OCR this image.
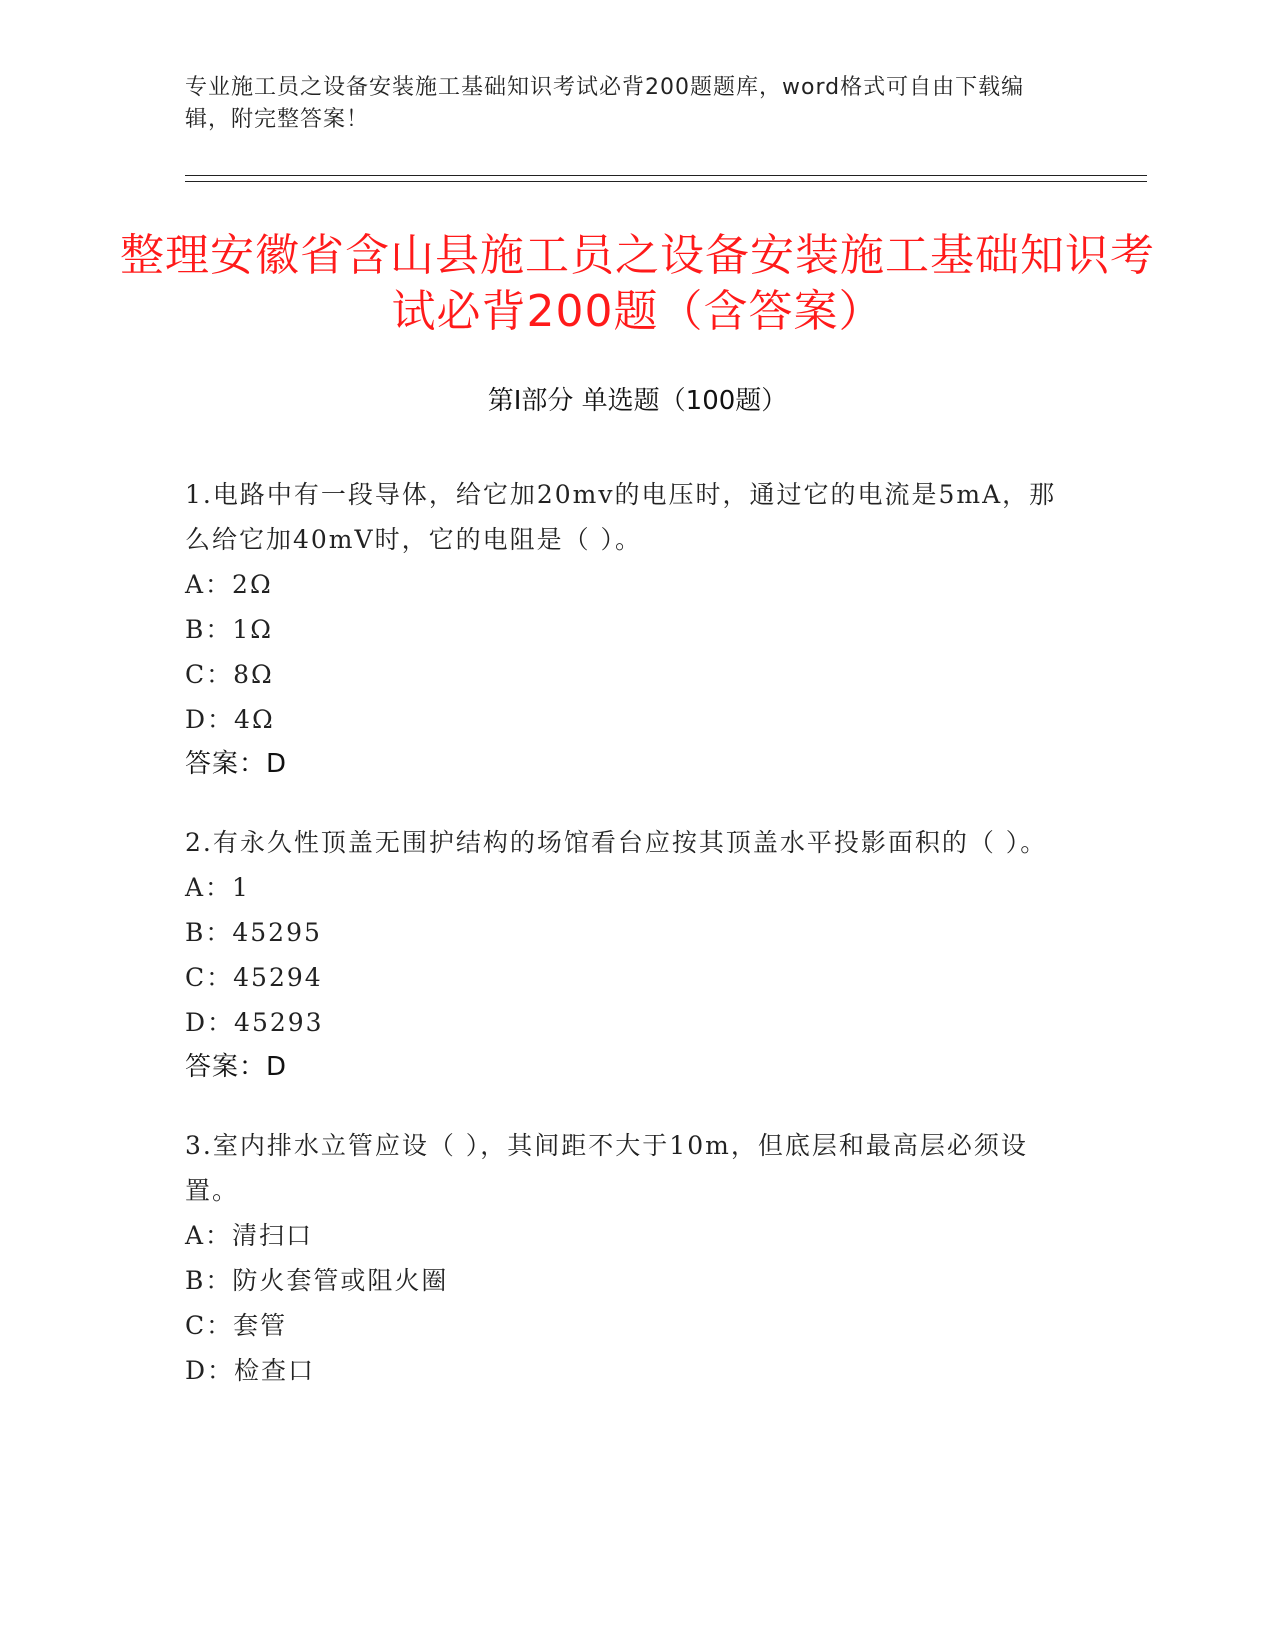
专业施工员之设备安装施工基础知识考试必背200题题库，word格式可自由下载编辑，附完整答案！
整理安徽省含山县施工员之设备安装施工基础知识考试必背200题（含答案）
第Ⅰ部分 单选题（100题）
1.电路中有一段导体，给它加20mv的电压时，通过它的电流是5mA，那么给它加40mV时，它的电阻是（ ）。
A：2Ω
B：1Ω
C：8Ω
D：4Ω
答案：D
2.有永久性顶盖无围护结构的场馆看台应按其顶盖水平投影面积的（ ）。
A：1
B：45295
C：45294
D：45293
答案：D
3.室内排水立管应设（ ），其间距不大于10m，但底层和最高层必须设置。
A：清扫口
B：防火套管或阻火圈
C：套管
D：检查口
